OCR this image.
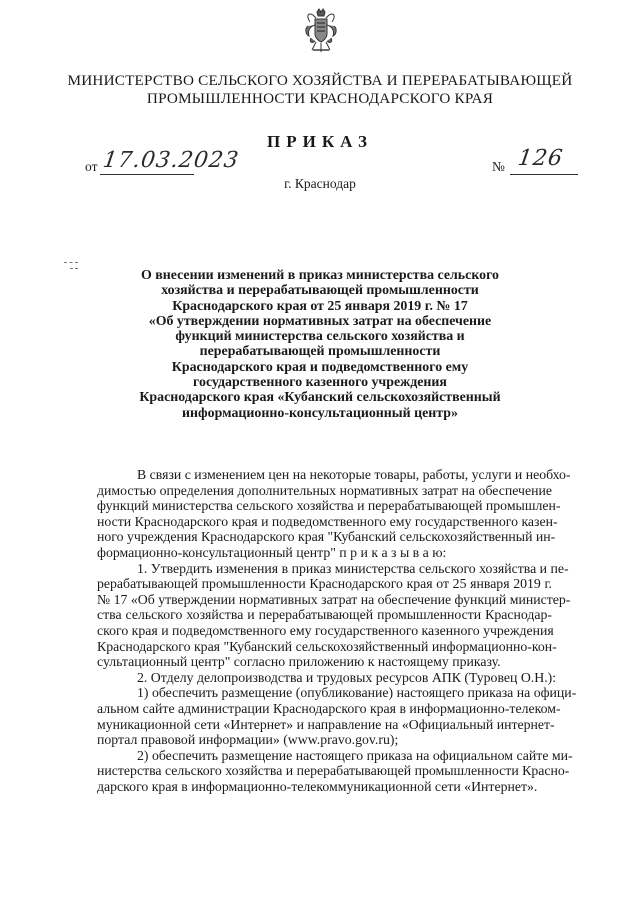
МИНИСТЕРСТВО СЕЛЬСКОГО ХОЗЯЙСТВА И ПЕРЕРАБАТЫВАЮЩЕЙ
ПРОМЫШЛЕННОСТИ КРАСНОДАРСКОГО КРАЯ
ПРИКАЗ
от 17.03.2023	№ 126
г. Краснодар
О внесении изменений в приказ министерства сельского
хозяйства и перерабатывающей промышленности
Краснодарского края от 25 января 2019 г. № 17
«Об утверждении нормативных затрат на обеспечение
функций министерства сельского хозяйства и
перерабатывающей промышленности
Краснодарского края и подведомственного ему
государственного казенного учреждения
Краснодарского края «Кубанский сельскохозяйственный
информационно-консультационный центр»
В связи с изменением цен на некоторые товары, работы, услуги и необхо-
димостью определения дополнительных нормативных затрат на обеспечение
функций министерства сельского хозяйства и перерабатывающей промышлен-
ности Краснодарского края и подведомственного ему государственного казен-
ного учреждения Краснодарского края "Кубанский сельскохозяйственный ин-
формационно-консультационный центр" п р и к а з ы в а ю:
1. Утвердить изменения в приказ министерства сельского хозяйства и пе-
рерабатывающей промышленности Краснодарского края от 25 января 2019 г.
№ 17 «Об утверждении нормативных затрат на обеспечение функций министер-
ства сельского хозяйства и перерабатывающей промышленности Краснодар-
ского края и подведомственного ему государственного казенного учреждения
Краснодарского края "Кубанский сельскохозяйственный информационно-кон-
сультационный центр" согласно приложению к настоящему приказу.
2. Отделу делопроизводства и трудовых ресурсов АПК (Туровец О.Н.):
1) обеспечить размещение (опубликование) настоящего приказа на офици-
альном сайте администрации Краснодарского края в информационно-телеком-
муникационной сети «Интернет» и направление на «Официальный интернет-
портал правовой информации» (www.pravo.gov.ru);
2) обеспечить размещение настоящего приказа на официальном сайте ми-
нистерства сельского хозяйства и перерабатывающей промышленности Красно-
дарского края в информационно-телекоммуникационной сети «Интернет».
